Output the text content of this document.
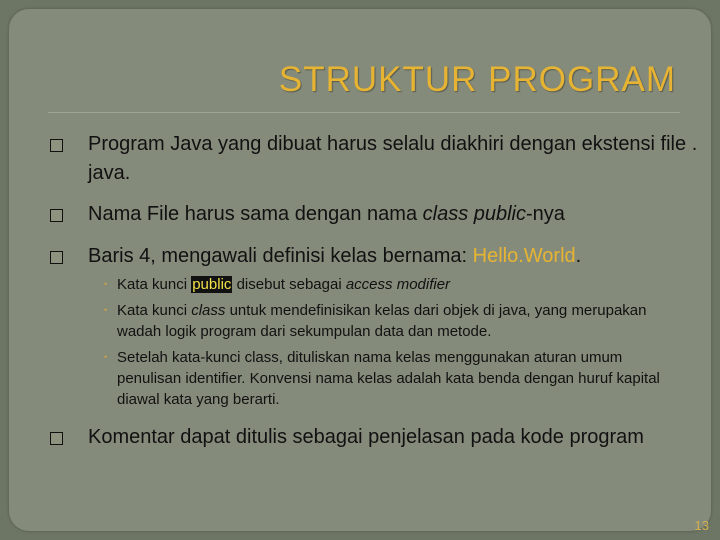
STRUKTUR PROGRAM
Program Java yang dibuat harus selalu diakhiri dengan ekstensi file . java.
Nama File harus sama dengan nama class public-nya
Baris 4, mengawali definisi kelas bernama: Hello.World.
• Kata kunci public disebut sebagai access modifier
• Kata kunci class untuk mendefinisikan kelas dari objek di java, yang merupakan wadah logik program dari sekumpulan data dan metode.
• Setelah kata-kunci class, dituliskan nama kelas menggunakan aturan umum penulisan identifier. Konvensi nama kelas adalah kata benda dengan huruf kapital diawal kata yang berarti.
Komentar dapat ditulis sebagai penjelasan pada kode program
13
